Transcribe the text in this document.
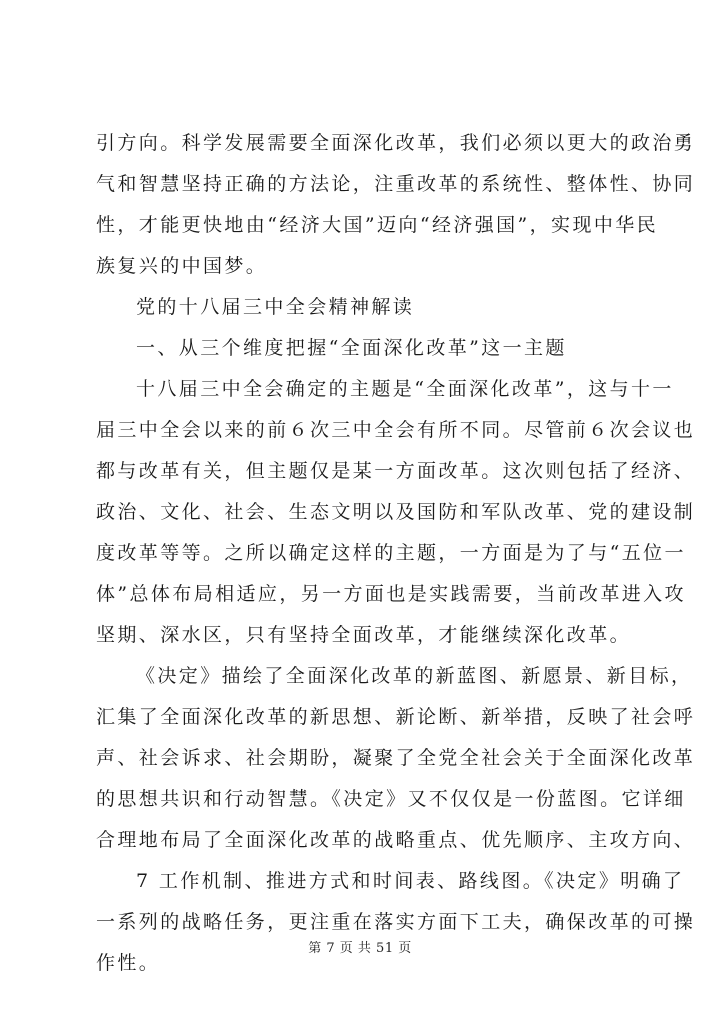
引方向。科学发展需要全面深化改革，我们必须以更大的政治勇
气和智慧坚持正确的方法论，注重改革的系统性、整体性、协同
性，才能更快地由“经济大国”迈向“经济强国”，实现中华民
族复兴的中国梦。
党的十八届三中全会精神解读
一、从三个维度把握“全面深化改革”这一主题
十八届三中全会确定的主题是“全面深化改革”，这与十一
届三中全会以来的前６次三中全会有所不同。尽管前６次会议也
都与改革有关，但主题仅是某一方面改革。这次则包括了经济、
政治、文化、社会、生态文明以及国防和军队改革、党的建设制
度改革等等。之所以确定这样的主题，一方面是为了与“五位一
体”总体布局相适应，另一方面也是实践需要，当前改革进入攻
坚期、深水区，只有坚持全面改革，才能继续深化改革。
《决定》描绘了全面深化改革的新蓝图、新愿景、新目标，
汇集了全面深化改革的新思想、新论断、新举措，反映了社会呼
声、社会诉求、社会期盼，凝聚了全党全社会关于全面深化改革
的思想共识和行动智慧。《决定》又不仅仅是一份蓝图。它详细
合理地布局了全面深化改革的战略重点、优先顺序、主攻方向、
7 工作机制、推进方式和时间表、路线图。《决定》明确了
一系列的战略任务，更注重在落实方面下工夫，确保改革的可操
作性。
第 7 页 共 51 页
